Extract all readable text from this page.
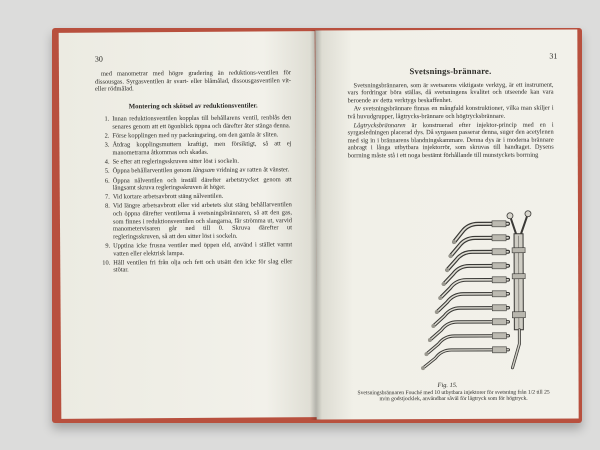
30

med manometrar med högre gradering än reduktions-ventilen för dissousgas. Syrgasventilen är svart- eller blåmålad, dissousgasventilen vit- eller rödmålad.

Montering och skötsel av reduktionsventiler.
1. Innan reduktionsventilen kopplas till behållarens ventil, renblås den senares genom att ett ögonblick öppna och därefter åter stänga denna.
2. Förse kopplingen med ny packningsring, om den gamla är sliten.
3. Åtdrag kopplingsmuttern kraftigt, men försiktigt, så att ej manometrarna åtkommas och skadas.
4. Se efter att regleringsskruven sitter löst i sockeln.
5. Öppna behållarventilen genom långsam vridning av ratten åt vänster.
6. Öppna nålventilen och inställ därefter arbetstrycket genom att långsamt skruva regleringsskruven åt höger.
7. Vid kortare arbetsavbrott stäng nålventilen.
8. Vid längre arbetsavbrott eller vid arbetets slut stäng behållarventilen och öppna därefter ventilerna å svetsningsbrännaren, så att den gas, som finnes i reduktionsventilen och slangarna, får strömma ut, varvid manometervisaren går ned till 0. Skruva därefter ut regleringsskruven, så att den sitter löst i sockeln.
9. Upptina icke frusna ventiler med öppen eld, använd i stället varmt vatten eller elektrisk lampa.
10. Håll ventilen fri från olja och fett och utsätt den icke för slag eller stötar.
31
Svetsnings-brännare.

Svetsningsbrännaren, som är svetsarens viktigaste verktyg, är ett instrument, vars fordringar böra ställas, då svetsningens kvalitet och utseende kan vara beroende av detta verktygs beskaffenhet.

Av svetsningsbrännare finnas en mångfald konstruktioner, vilka man skiljer i två huvudgrupper, lågtrycks-brännare och högtrycksbrännare.

Lågtrycksbrännaren är konstruerad efter injektor-princip med en i syrgasledningen placerad dys. Då syrgasen passerar denna, suger den acetylenen med sig in i brännarens blandningskammare. Denna dys är i moderna brännare anbragt i långa utbytbara injektorrör, som skruvas till handtaget. Dysens borrning måste stå i ett noga bestämt förhållande till munstyckets borrning

Fig. 15.
Svetsningsbrännaren Fouché med 10 utbytbara injektorer för svetsning från 1/2 till 25 m/m godstjocklek, användbar såväl för lågtryck som för högtryck.
